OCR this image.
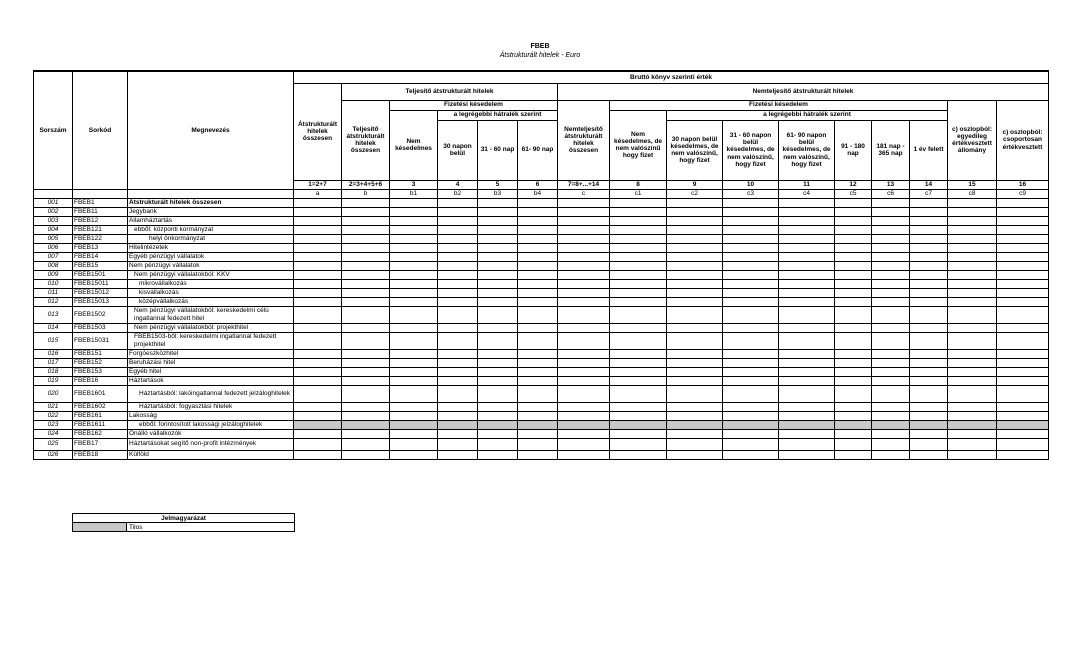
FBEB
Átstrukturált hitelek - Euro
Sorszám	Sorkód	Megnevezés	Bruttó könyv szerinti érték															
			Átstrukturált hitelek összesen	Teljesítő átstrukturált hitelek					Nemteljesítő átstrukturált hitelek									
				Teljesítő átstrukturált hitelek összesen	Fizetési késedelem				Nemteljesítő átstrukturált hitelek összesen	Fizetési késedelem							c) oszlopból: egyedileg értékvesztett állomány	c) oszlopból: csoportosan értékvesztett
					Nem késedelmes	a legrégebbi hátralék szerint				Nem késedelmes, de nem valószínű hogy fizet	a legrégebbi hátralék szerint							
						30 napon belül	31 - 60 nap	61- 90 nap			30 napon belül késedelmes, de nem valószínű, hogy fizet	31 - 60 napon belül késedelmes, de nem valószínű, hogy fizet	61- 90 napon belül késedelmes, de nem valószínű, hogy fizet	91 - 180 nap	181 nap - 365 nap	1 év felett		
			1=2+7	2=3+4+5+6	3	4	5	6	7=8+...+14	8	9	10	11	12	13	14	15	16
			a	b	b1	b2	b3	b4	c	c1	c2	c3	c4	c5	c6	c7	c8	c9
001	FBEB1	Átstrukturált hitelek összesen																
002	FBEB11	Jegybank																
003	FBEB12	Államháztartás																
004	FBEB121	ebből: központi kormányzat																
005	FBEB122	helyi önkormányzat																
006	FBEB13	Hitelintézetek																
007	FBEB14	Egyéb pénzügyi vállalatok																
008	FBEB15	Nem pénzügyi vállalatok																
009	FBEB1501	Nem pénzügyi vállalatokból: KKV																
010	FBEB15011	mikrovállalkozás																
011	FBEB15012	kisvállalkozás																
012	FBEB15013	középvállalkozás																
013	FBEB1502	Nem pénzügyi vállalatokból: kereskedelmi célú ingatlannal fedezett hitel																
014	FBEB1503	Nem pénzügyi vállalatokból: projekthitel																
015	FBEB15031	FBEB1503-ből: kereskedelmi ingatlannal fedezett projekthitel																
016	FBEB151	Forgóeszközhitel																
017	FBEB152	Beruházási hitel																
018	FBEB153	Egyéb hitel																
019	FBEB16	Háztartások																
020	FBEB1601	Háztartásból: lakóingatlannal fedezett jelzáloghitelek																
021	FBEB1602	Háztartásból: fogyasztási hitelek																
022	FBEB161	Lakosság																
023	FBEB1611	ebből: forintosított lakossági jelzáloghitelek																
024	FBEB162	Önálló vállalkozók																
025	FBEB17	Háztartásokat segítő non-profit intézmények																
026	FBEB18	Külföld																
Jelmagyarázat
	Tilos
